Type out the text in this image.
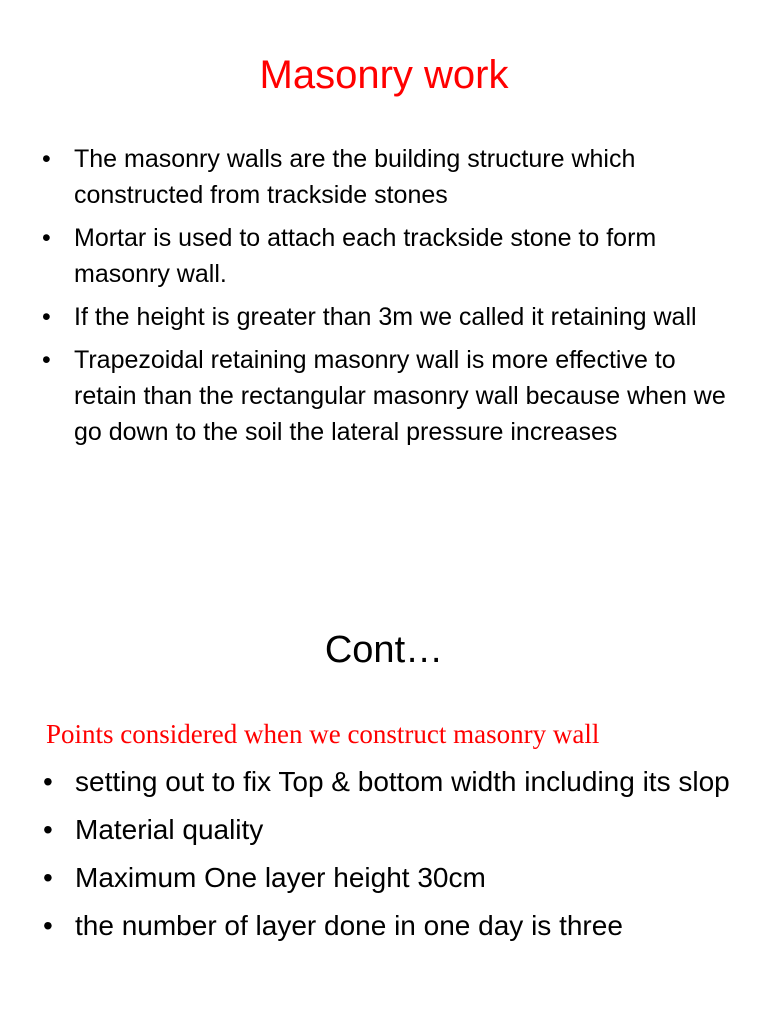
Masonry work
• The masonry walls are the building structure which constructed from trackside stones
• Mortar is used to attach each trackside stone to form masonry wall.
• If the height is greater than 3m we called it retaining wall
• Trapezoidal retaining masonry wall is more effective to retain than the rectangular masonry wall because when we go down to the soil the lateral pressure increases
Cont…

Points considered when we construct masonry wall

• setting out to fix Top & bottom width including its slop
• Material quality
• Maximum One layer height 30cm
• the number of layer done in one day is three
